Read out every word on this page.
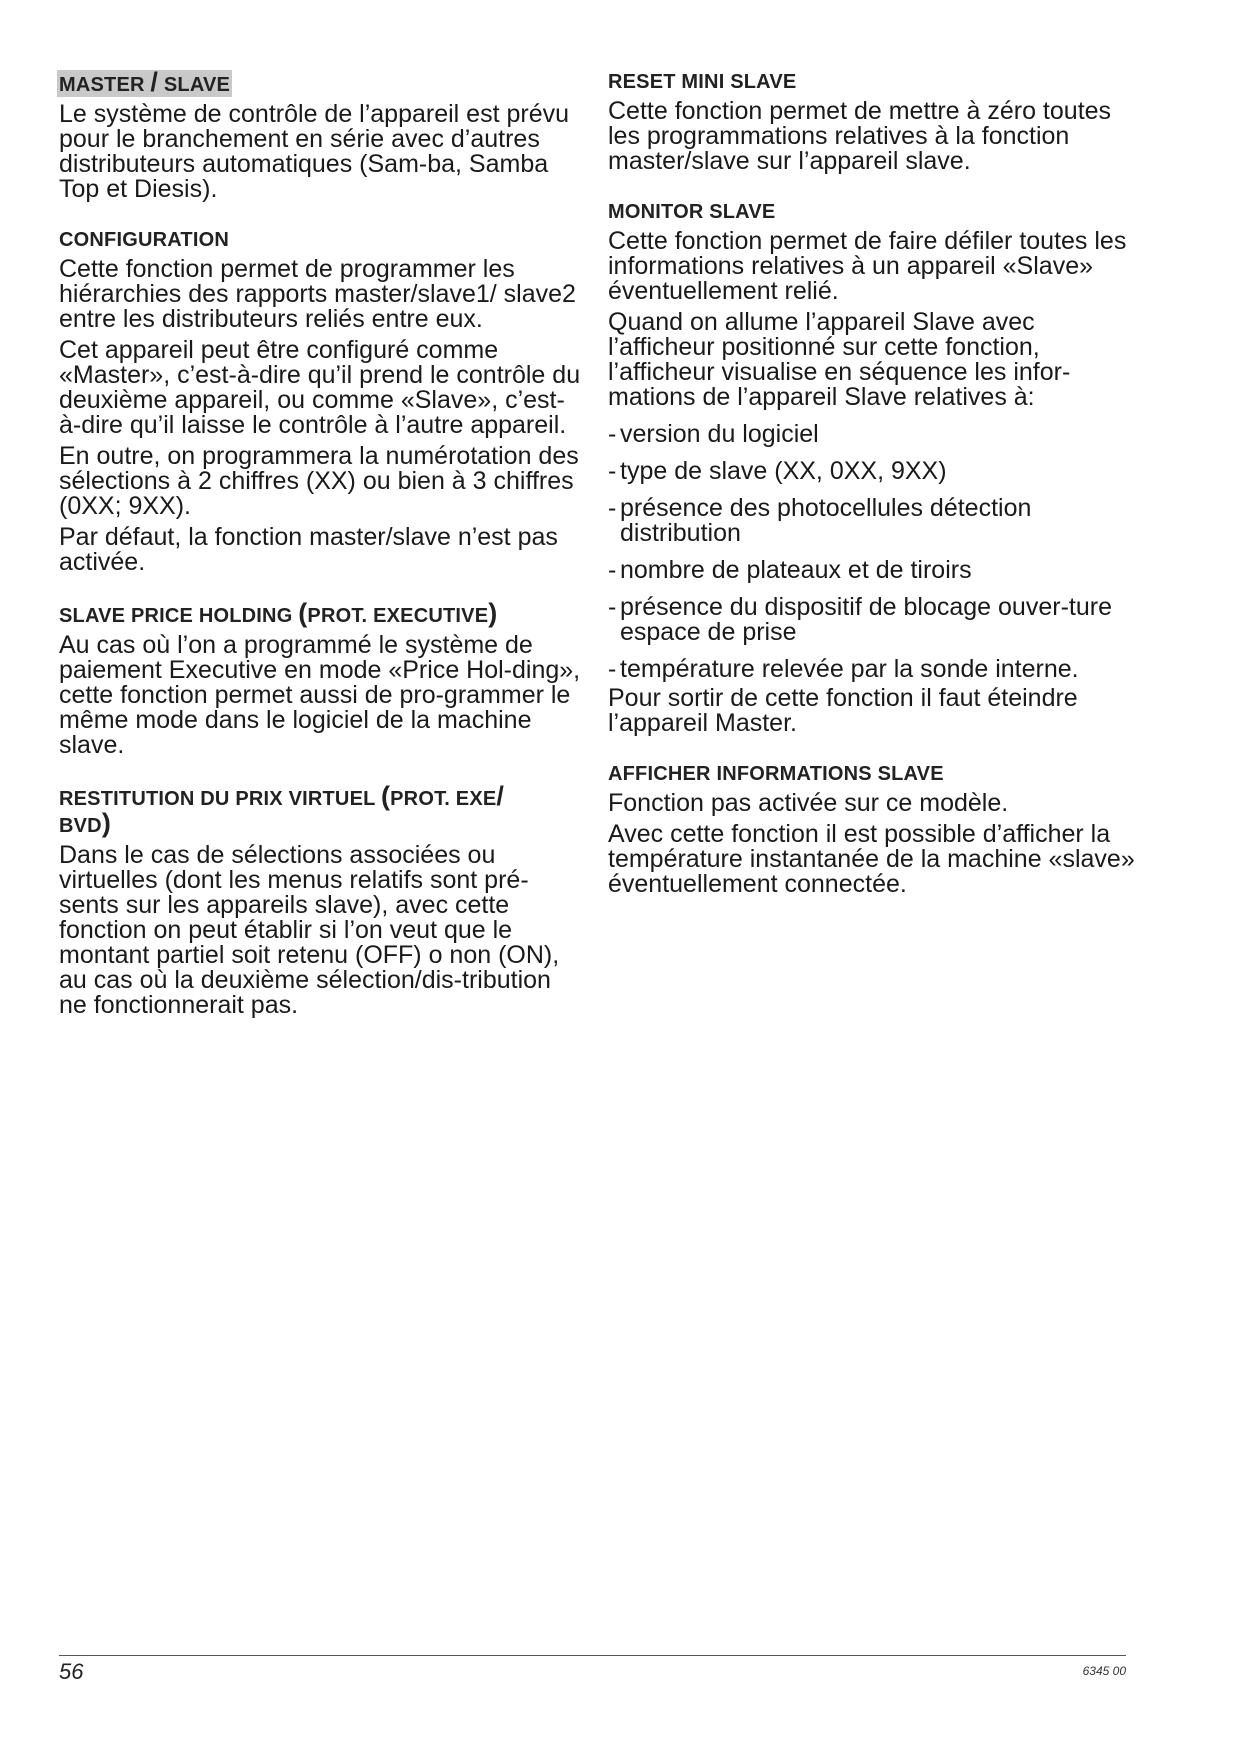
MASTER / SLAVE
Le système de contrôle de l’appareil est prévu pour le branchement en série avec d’autres distributeurs automatiques (Sam-ba, Samba Top et Diesis).
CONFIGURATION
Cette fonction permet de programmer les hiérarchies des rapports master/slave1/ slave2 entre les distributeurs reliés entre eux.
Cet appareil peut être configuré comme «Master», c’est-à-dire qu’il prend le contrôle du deuxième appareil, ou comme «Slave», c’est-à-dire qu’il laisse le contrôle à l’autre appareil.
En outre, on programmera la numérotation des sélections à 2 chiffres (XX) ou bien à 3 chiffres (0XX; 9XX).
Par défaut, la fonction master/slave n’est pas activée.
SLAVE PRICE HOLDING (PROT. EXECUTIVE)
Au cas où l’on a programmé le système de paiement Executive en mode «Price Hol-ding», cette fonction permet aussi de pro-grammer le même mode dans le logiciel de la machine slave.
RESTITUTION DU PRIX VIRTUEL (PROT. EXE/
BVD)
Dans le cas de sélections associées ou virtuelles (dont les menus relatifs sont pré-sents sur les appareils slave), avec cette fonction on peut établir si l’on veut que le montant partiel soit retenu (OFF) o non (ON), au cas où la deuxième sélection/dis-tribution ne fonctionnerait pas.
RESET MINI SLAVE
Cette fonction permet de mettre à zéro toutes les programmations relatives à la fonction master/slave sur l’appareil slave.
MONITOR SLAVE
Cette fonction permet de faire défiler toutes les informations relatives à un appareil «Slave» éventuellement relié.
Quand on allume l’appareil Slave avec l’afficheur positionné sur cette fonction, l’afficheur visualise en séquence les infor-mations de l’appareil Slave relatives à:
- version du logiciel
- type de slave (XX, 0XX, 9XX)
- présence des photocellules détection distribution
- nombre de plateaux et de tiroirs
- présence du dispositif de blocage ouver-ture espace de prise
- température relevée par la sonde interne.
Pour sortir de cette fonction il faut éteindre l’appareil Master.
AFFICHER INFORMATIONS SLAVE
Fonction pas activée sur ce modèle.
Avec cette fonction il est possible d’afficher la température instantanée de la machine «slave» éventuellement connectée.
56	6345 00
